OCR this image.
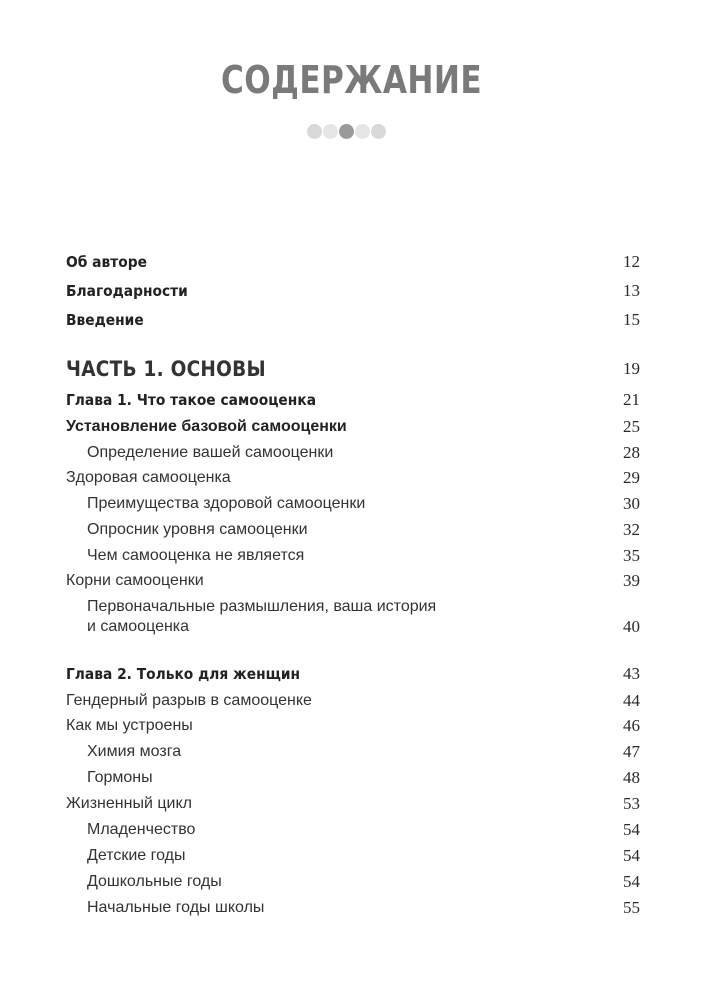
СОДЕРЖАНИЕ
Об авторе	12
Благодарности	13
Введение	15
ЧАСТЬ 1. ОСНОВЫ	19
Глава 1. Что такое самооценка	21
Установление базовой самооценки	25
Определение вашей самооценки	28
Здоровая самооценка	29
Преимущества здоровой самооценки	30
Опросник уровня самооценки	32
Чем самооценка не является	35
Корни самооценки	39
Первоначальные размышления, ваша история
и самооценка	40
Глава 2. Только для женщин	43
Гендерный разрыв в самооценке	44
Как мы устроены	46
Химия мозга	47
Гормоны	48
Жизненный цикл	53
Младенчество	54
Детские годы	54
Дошкольные годы	54
Начальные годы школы	55
